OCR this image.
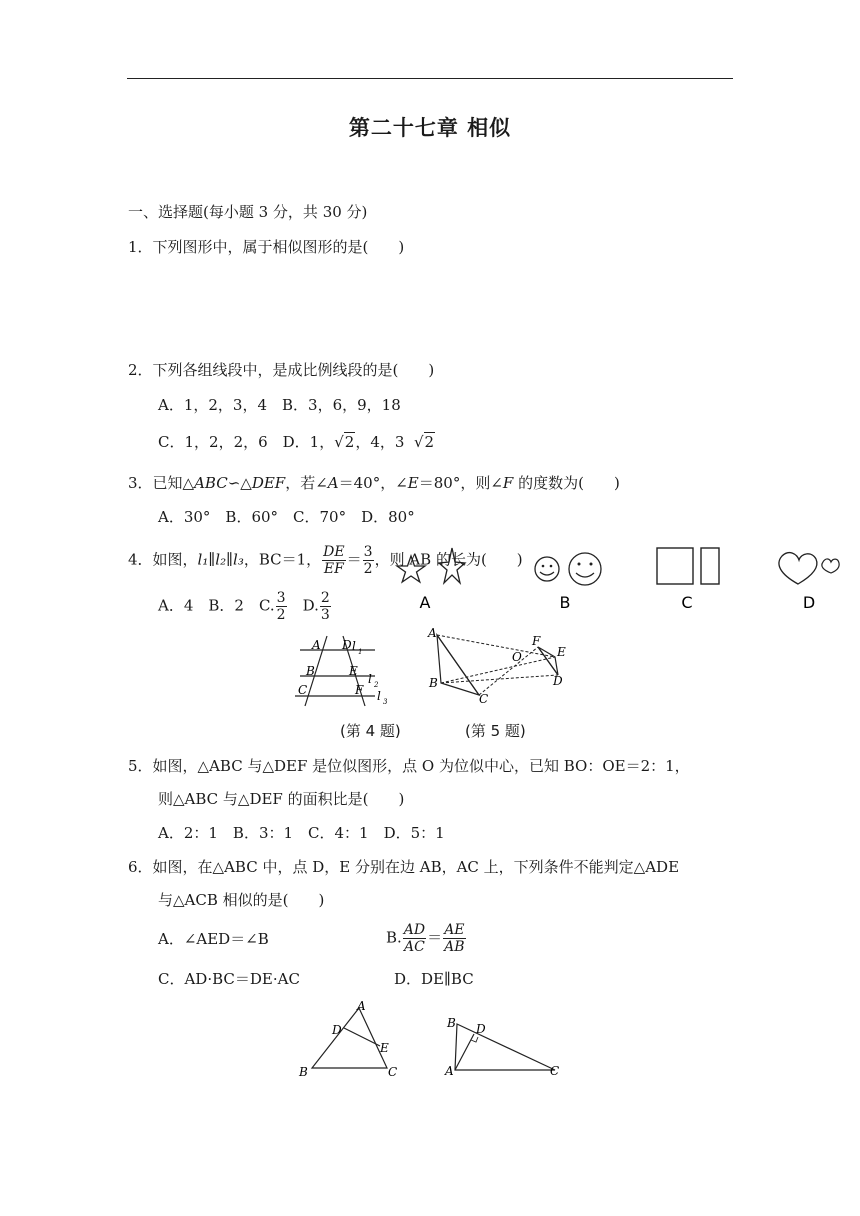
第二十七章 相似
一、选择题(每小题 3 分，共 30 分)
1．下列图形中，属于相似图形的是(　　)
A	B	C	D
2．下列各组线段中，是成比例线段的是(　　)
A．1，2，3，4　B．3，6，9，18
C．1，2，2，6　D．1，√2，4，3 √2
3．已知△ABC∽△DEF，若∠A＝40°，∠E＝80°，则∠F 的度数为(　　)
A．30°　B．60°　C．70°　D．80°
4．如图，l₁∥l₂∥l₃，BC＝1， $\frac{DE}{EF} = \frac{3}{2}$ ，则 AB 的长为(　　)
A．4　B．2　C. $\frac{3}{2}$ 　D. $\frac{2}{3}$
A D l 1
B	E
l 2
C	F l 3
A
B
C
O
F
E
D
(第 4 题)	(第 5 题)
5．如图，△ABC 与△DEF 是位似图形，点 O 为位似中心，已知 BO：OE＝2：1，
则△ABC 与△DEF 的面积比是(　　)
A．2：1　B．3：1　C．4：1　D．5：1
6．如图，在△ABC 中，点 D，E 分别在边 AB，AC 上，下列条件不能判定△ADE
与△ACB 相似的是(　　)
A．∠AED＝∠B	B. $\frac{AD}{AC} = \frac{AE}{AB}$
C．AD·BC＝DE·AC	D．DE∥BC
A
D
E
B	C
B D
A	C
